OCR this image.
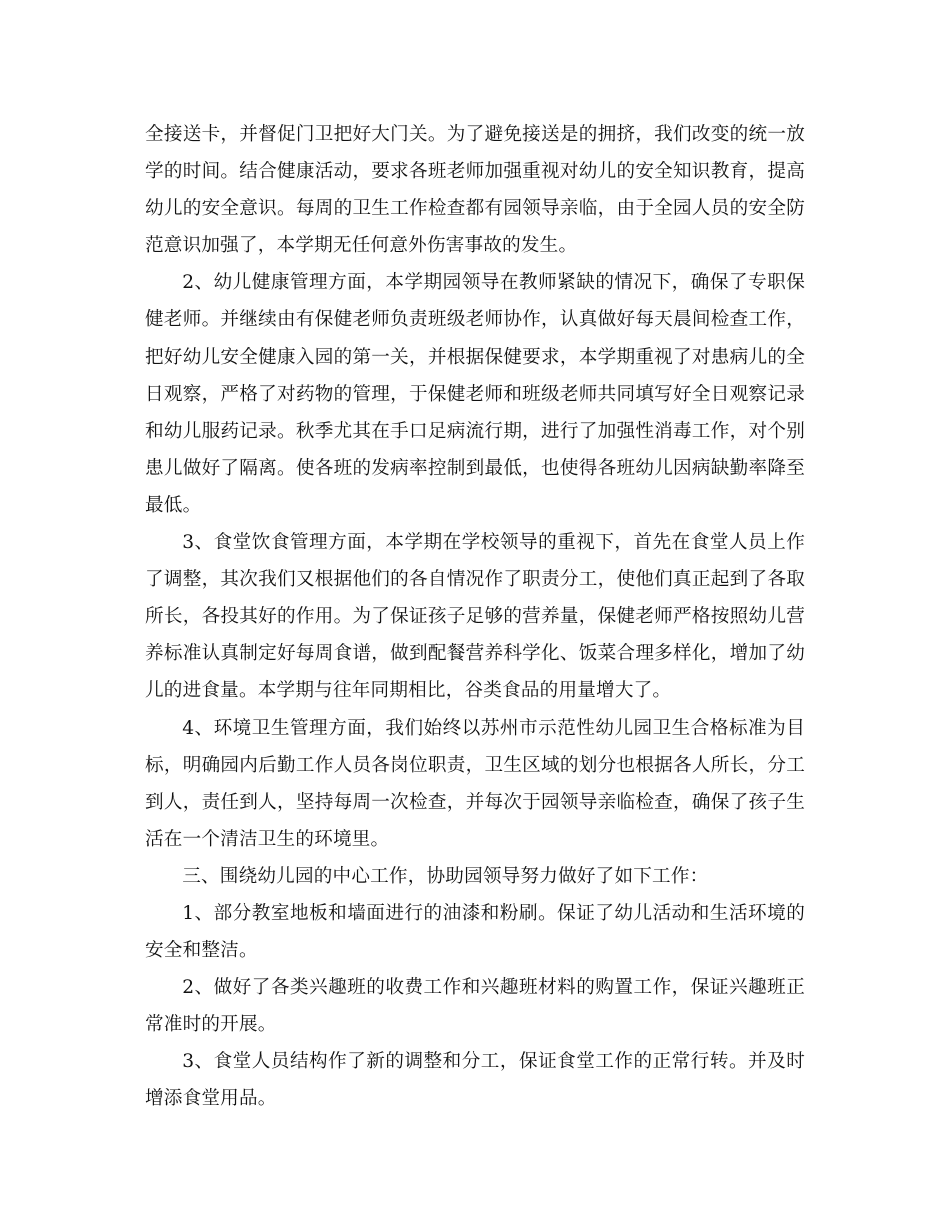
全接送卡，并督促门卫把好大门关。为了避免接送是的拥挤，我们改变的统一放学的时间。结合健康活动，要求各班老师加强重视对幼儿的安全知识教育，提高幼儿的安全意识。每周的卫生工作检查都有园领导亲临，由于全园人员的安全防范意识加强了，本学期无任何意外伤害事故的发生。

2、幼儿健康管理方面，本学期园领导在教师紧缺的情况下，确保了专职保健老师。并继续由有保健老师负责班级老师协作，认真做好每天晨间检查工作，把好幼儿安全健康入园的第一关，并根据保健要求，本学期重视了对患病儿的全日观察，严格了对药物的管理，于保健老师和班级老师共同填写好全日观察记录和幼儿服药记录。秋季尤其在手口足病流行期，进行了加强性消毒工作，对个别患儿做好了隔离。使各班的发病率控制到最低，也使得各班幼儿因病缺勤率降至最低。

3、食堂饮食管理方面，本学期在学校领导的重视下，首先在食堂人员上作了调整，其次我们又根据他们的各自情况作了职责分工，使他们真正起到了各取所长，各投其好的作用。为了保证孩子足够的营养量，保健老师严格按照幼儿营养标准认真制定好每周食谱，做到配餐营养科学化、饭菜合理多样化，增加了幼儿的进食量。本学期与往年同期相比，谷类食品的用量增大了。

4、环境卫生管理方面，我们始终以苏州市示范性幼儿园卫生合格标准为目标，明确园内后勤工作人员各岗位职责，卫生区域的划分也根据各人所长，分工到人，责任到人，坚持每周一次检查，并每次于园领导亲临检查，确保了孩子生活在一个清洁卫生的环境里。

三、围绕幼儿园的中心工作，协助园领导努力做好了如下工作：

1、部分教室地板和墙面进行的油漆和粉刷。保证了幼儿活动和生活环境的安全和整洁。

2、做好了各类兴趣班的收费工作和兴趣班材料的购置工作，保证兴趣班正常准时的开展。

3、食堂人员结构作了新的调整和分工，保证食堂工作的正常行转。并及时增添食堂用品。
